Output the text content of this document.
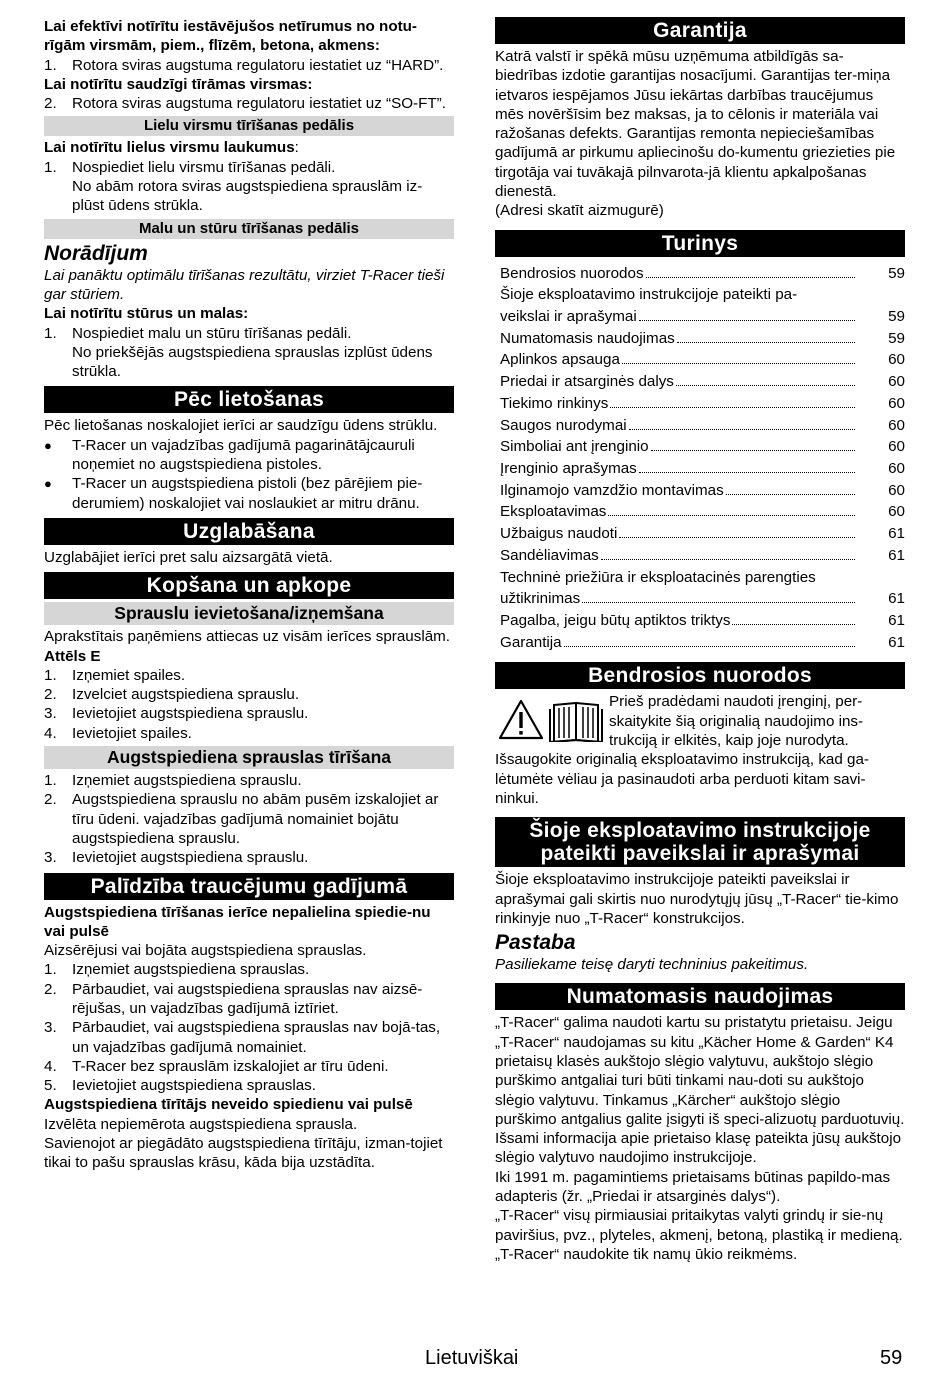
Lai efektīvi notīrītu iestāvējušos netīrumus no notu-rīgām virsmām, piem., flīzēm, betona, akmens:

1. Rotora sviras augstuma regulatoru iestatiet uz “HARD”.

Lai notīrītu saudzīgi tīrāmas virsmas:

2. Rotora sviras augstuma regulatoru iestatiet uz “SO-FT”.

Lielu virsmu tīrīšanas pedālis

Lai notīrītu lielus virsmu laukumus:

1. Nospiediet lielu virsmu tīrīšanas pedāli.
No abām rotora sviras augstspiediena sprauslām iz-plūst ūdens strūkla.

Malu un stūru tīrīšanas pedālis
Norādījum

Lai panāktu optimālu tīrīšanas rezultātu, virziet T-Racer tieši gar stūriem.

Lai notīrītu stūrus un malas:

1. Nospiediet malu un stūru tīrīšanas pedāli.
No priekšējās augstspiediena sprauslas izplūst ūdens strūkla.

Pēc lietošanas

Pēc lietošanas noskalojiet ierīci ar saudzīgu ūdens strūklu.

● T-Racer un vajadzības gadījumā pagarinātājcauruli noņemiet no augstspiediena pistoles.

● T-Racer un augstspiediena pistoli (bez pārējiem pie-derumiem) noskalojiet vai noslaukiet ar mitru drānu.

Uzglabāšana

Uzglabājiet ierīci pret salu aizsargātā vietā.

Kopšana un apkope
Sprauslu ievietošana/izņemšana

Aprakstītais paņēmiens attiecas uz visām ierīces sprauslām.

Attēls E

1. Izņemiet spailes.

2. Izvelciet augstspiediena sprauslu.

3. Ievietojiet augstspiediena sprauslu.

4. Ievietojiet spailes.

Augstspiediena sprauslas tīrīšana

1. Izņemiet augstspiediena sprauslu.

2. Augstspiediena sprauslu no abām pusēm izskalojiet ar tīru ūdeni. vajadzības gadījumā nomainiet bojātu augstspiediena sprauslu.

3. Ievietojiet augstspiediena sprauslu.

Palīdzība traucējumu gadījumā

Augstspiediena tīrīšanas ierīce nepalielina spiedie-nu vai pulsē

Aizsērējusi vai bojāta augstspiediena sprauslas.

1. Izņemiet augstspiediena sprauslas.

2. Pārbaudiet, vai augstspiediena sprauslas nav aizsē-rējušas, un vajadzības gadījumā iztīriet.

3. Pārbaudiet, vai augstspiediena sprauslas nav bojā-tas, un vajadzības gadījumā nomainiet.

4. T-Racer bez sprauslām izskalojiet ar tīru ūdeni.

5. Ievietojiet augstspiediena sprauslas.

Augstspiediena tīrītājs neveido spiedienu vai pulsē

Izvēlēta nepiemērota augstspiediena sprausla.

Savienojot ar piegādāto augstspiediena tīrītāju, izman-tojiet tikai to pašu sprauslas krāsu, kāda bija uzstādīta.

Garantija

Katrā valstī ir spēkā mūsu uzņēmuma atbildīgās sa-biedrības izdotie garantijas nosacījumi. Garantijas ter-miņa ietvaros iespējamos Jūsu iekārtas darbības traucējumus mēs novēršīsim bez maksas, ja to cēlonis ir materiāla vai ražošanas defekts. Garantijas remonta nepieciešamības gadījumā ar pirkumu apliecinošu do-kumentu griezieties pie tirgotāja vai tuvākajā pilnvarota-jā klientu apkalpošanas dienestā.

(Adresi skatīt aizmugurē)

Turinys
Bendrosios nuorodos	59
Šioje eksploatavimo instrukcijoje pateikti pa-
veikslai ir aprašymai	59
Numatomasis naudojimas	59
Aplinkos apsauga	60
Priedai ir atsarginės dalys	60
Tiekimo rinkinys	60
Saugos nurodymai	60
Simboliai ant įrenginio	60
Įrenginio aprašymas	60
Ilginamojo vamzdžio montavimas	60
Eksploatavimas	60
Užbaigus naudoti	61
Sandėliavimas	61
Techninė priežiūra ir eksploatacinės parengties
užtikrinimas	61
Pagalba, jeigu būtų aptiktos triktys	61
Garantija	61
Bendrosios nuorodos

Prieš pradėdami naudoti įrenginį, per-skaitykite šią originalią naudojimo ins-trukciją ir elkitės, kaip joje nurodyta.

Išsaugokite originalią eksploatavimo instrukciją, kad ga-lėtumėte vėliau ja pasinaudoti arba perduoti kitam savi-ninkui.

Šioje eksploatavimo instrukcijoje
pateikti paveikslai ir aprašymai

Šioje eksploatavimo instrukcijoje pateikti paveikslai ir aprašymai gali skirtis nuo nurodytųjų jūsų „T-Racer“ tie-kimo rinkinyje nuo „T-Racer“ konstrukcijos.

Pastaba

Pasiliekame teisę daryti techninius pakeitimus.

Numatomasis naudojimas

„T-Racer“ galima naudoti kartu su pristatytu prietaisu. Jeigu „T-Racer“ naudojamas su kitu „Kächer Home & Garden“ K4 prietaisų klasės aukštojo slėgio valytuvu, aukštojo slėgio purškimo antgaliai turi būti tinkami nau-doti su aukštojo slėgio valytuvu. Tinkamus „Kärcher“ aukštojo slėgio purškimo antgalius galite įsigyti iš speci-alizuotų parduotuvių.

Išsami informacija apie prietaiso klasę pateikta jūsų aukštojo slėgio valytuvo naudojimo instrukcijoje.

Iki 1991 m. pagamintiems prietaisams būtinas papildo-mas adapteris (žr. „Priedai ir atsarginės dalys“).

„T-Racer“ visų pirmiausiai pritaikytas valyti grindų ir sie-nų paviršius, pvz., plyteles, akmenį, betoną, plastiką ir medieną.

„T-Racer“ naudokite tik namų ūkio reikmėms.

Lietuviškai	59
